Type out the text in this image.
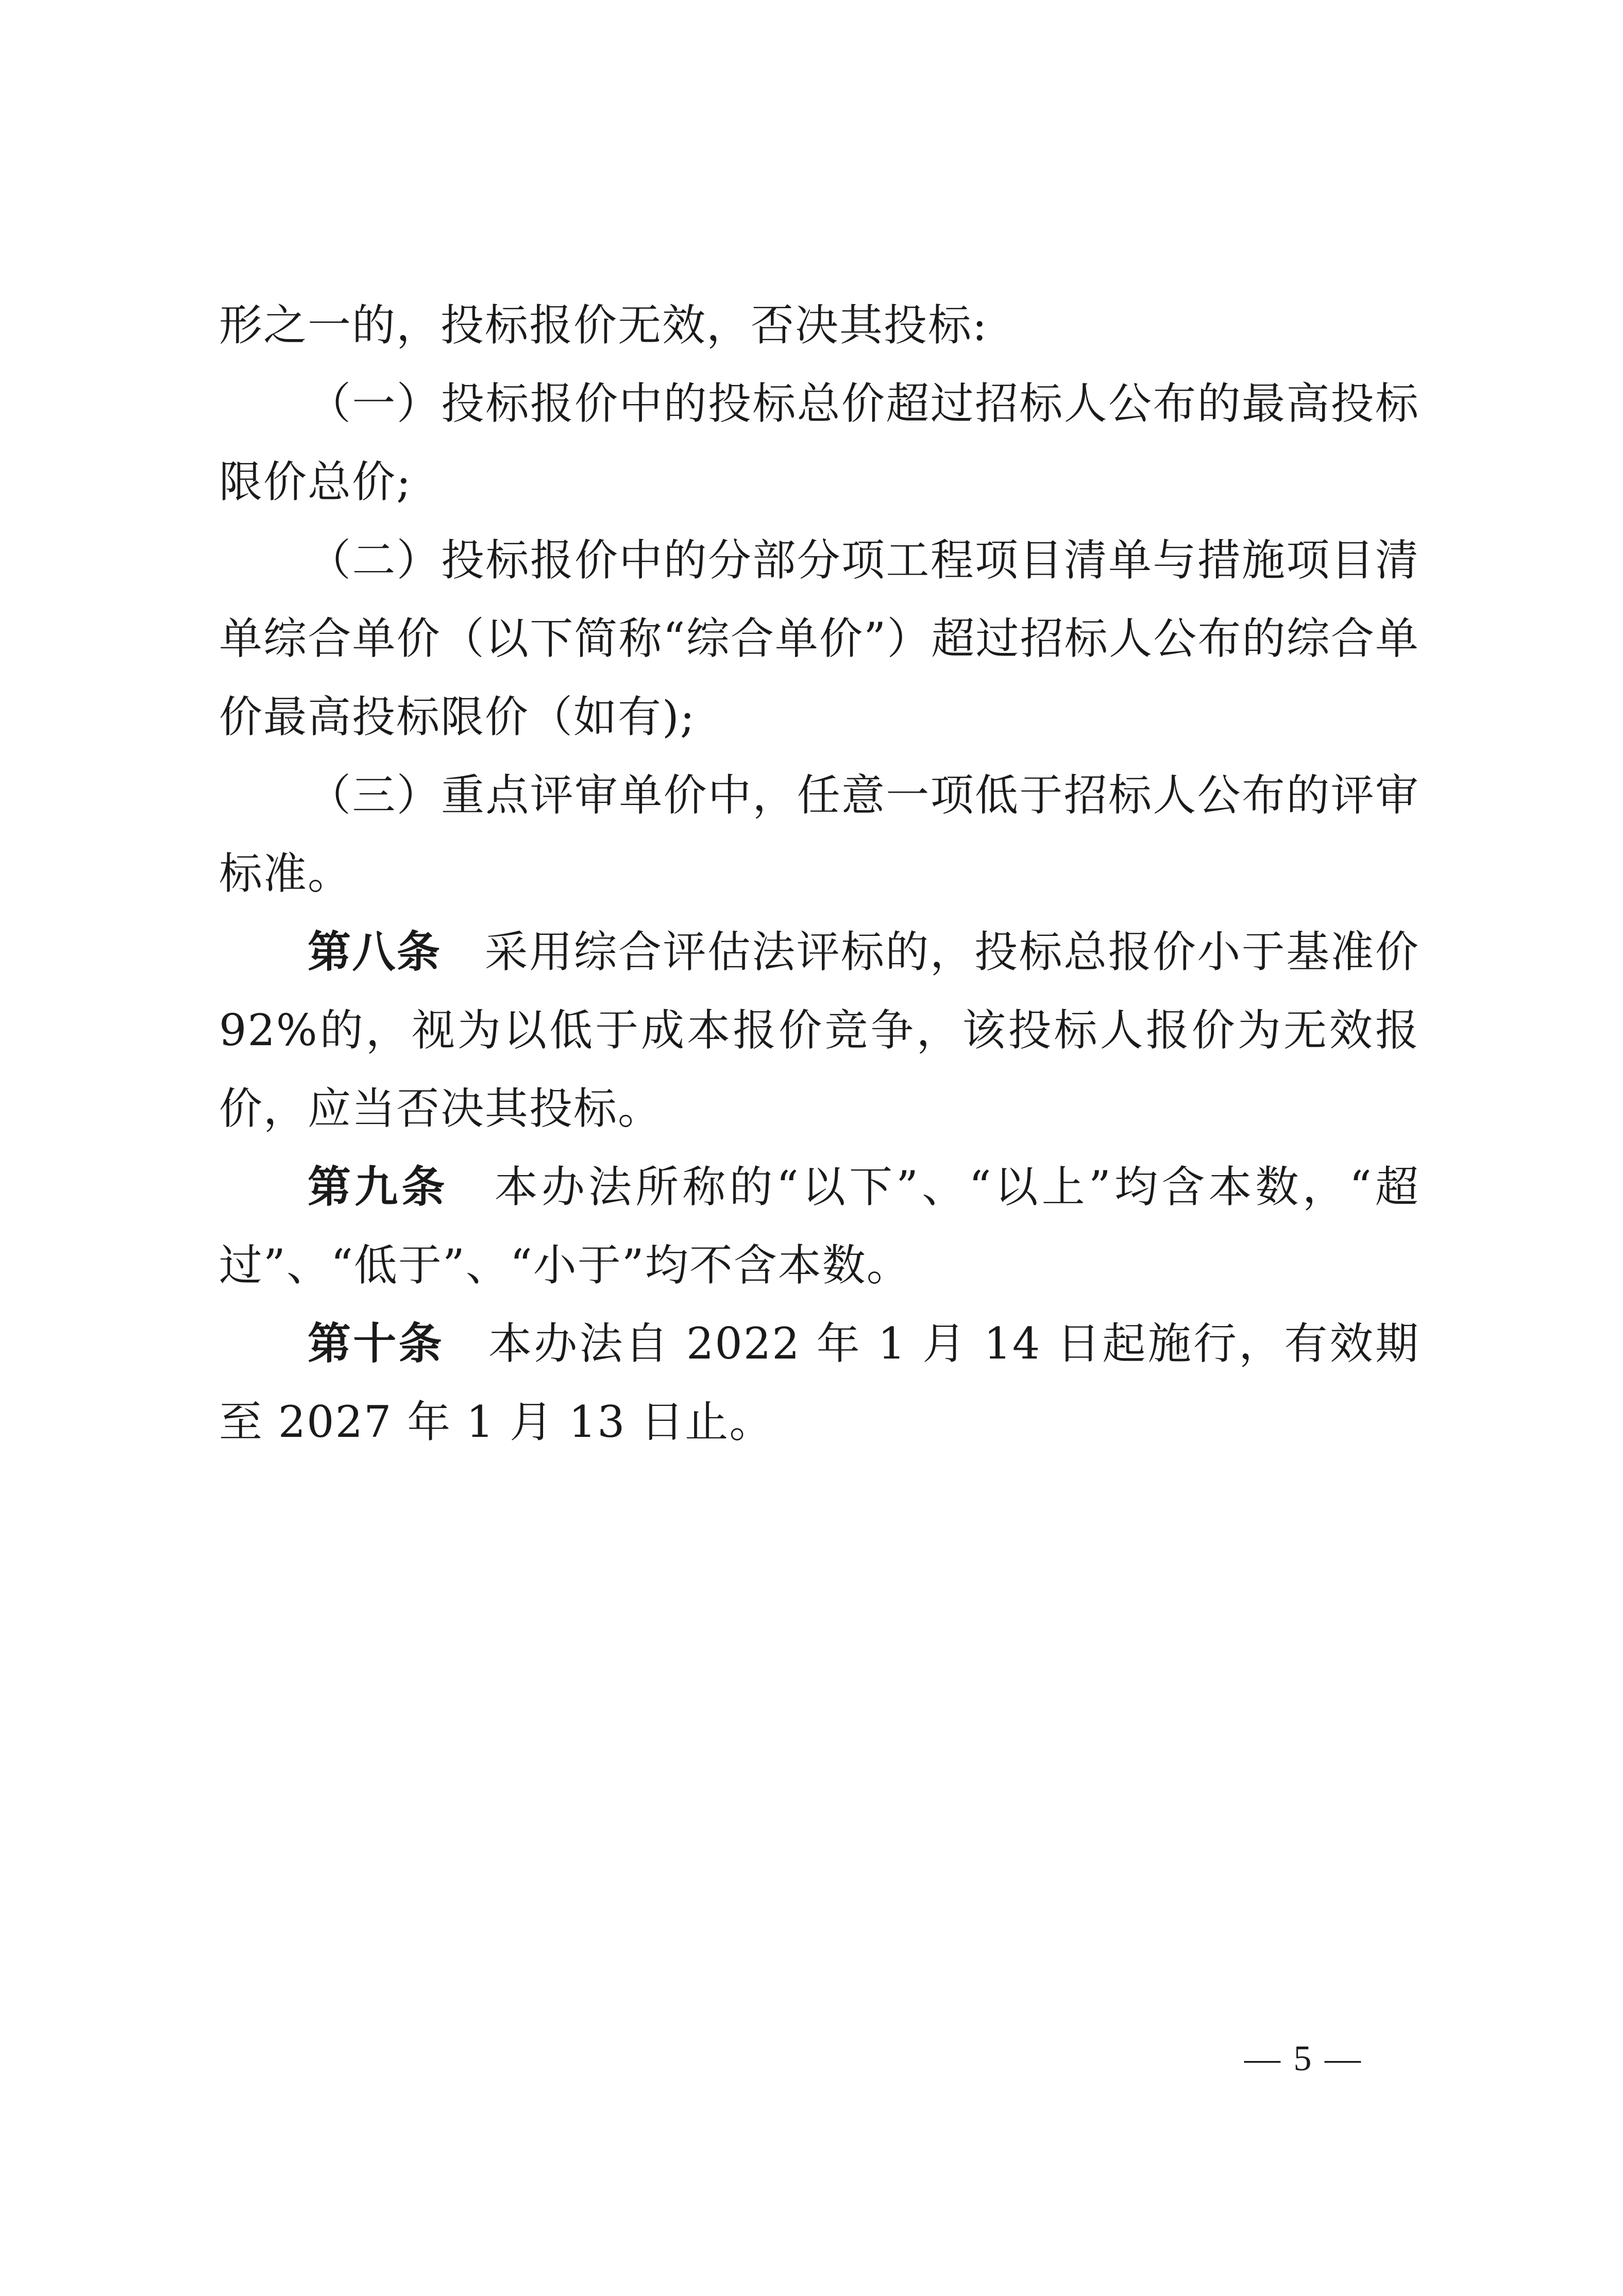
形之一的，投标报价无效，否决其投标:

（一）投标报价中的投标总价超过招标人公布的最高投标限价总价;

（二）投标报价中的分部分项工程项目清单与措施项目清单综合单价（以下简称“综合单价”）超过招标人公布的综合单价最高投标限价（如有);

（三）重点评审单价中，任意一项低于招标人公布的评审标准。

第八条 采用综合评估法评标的，投标总报价小于基准价92%的，视为以低于成本报价竞争，该投标人报价为无效报价，应当否决其投标。

第九条 本办法所称的“以下”、“以上”均含本数，“超过”、“低于”、“小于”均不含本数。

第十条 本办法自 2022 年 1 月 14 日起施行，有效期至 2027 年 1 月 13 日止。

— 5 —
